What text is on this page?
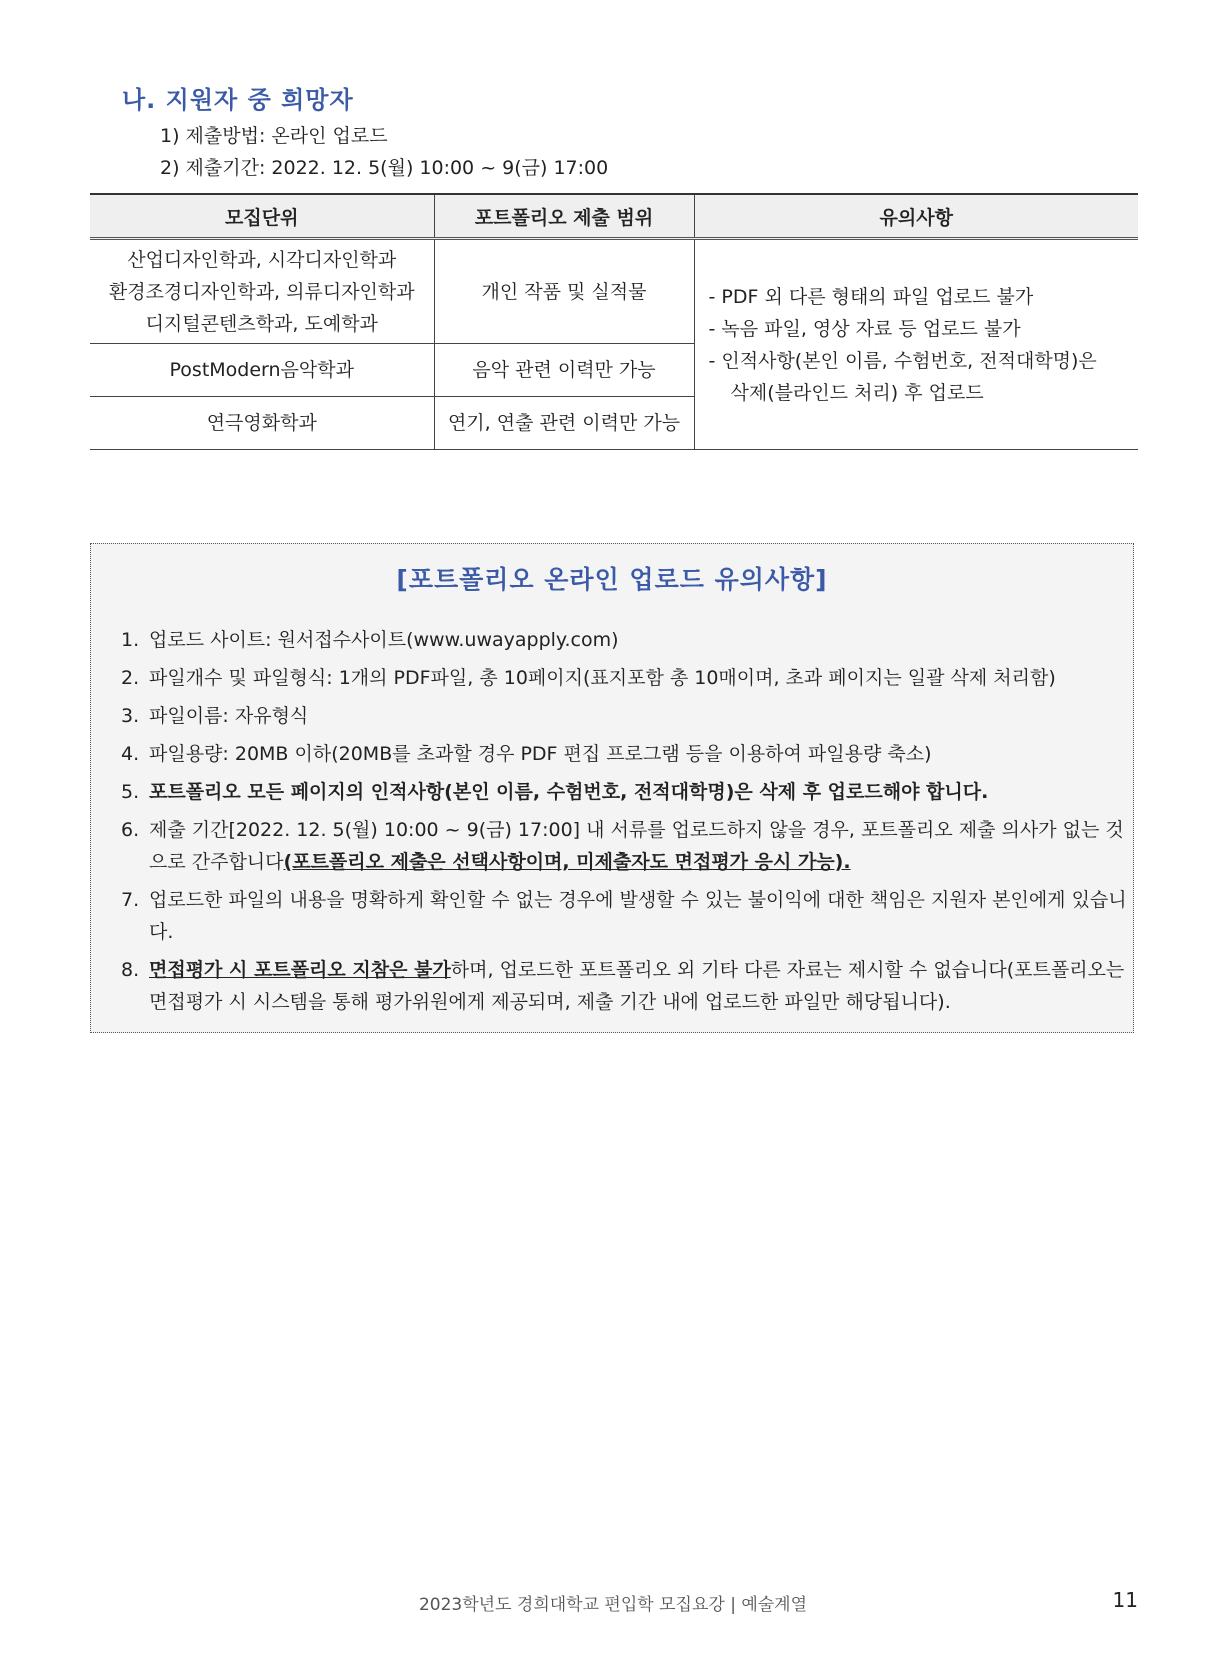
나. 지원자 중 희망자
1) 제출방법: 온라인 업로드
2) 제출기간: 2022. 12. 5(월) 10:00 ~ 9(금) 17:00
모집단위	포트폴리오 제출 범위	유의사항

산업디자인학과, 시각디자인학과
환경조경디자인학과, 의류디자인학과
디지털콘텐츠학과, 도예학과	개인 작품 및 실적물	- PDF 외 다른 형태의 파일 업로드 불가
- 녹음 파일, 영상 자료 등 업로드 불가
- 인적사항(본인 이름, 수험번호, 전적대학명)은
삭제(블라인드 처리) 후 업로드

PostModern음악학과	음악 관련 이력만 가능	
연극영화학과	연기, 연출 관련 이력만 가능	
[포트폴리오 온라인 업로드 유의사항]
1. 업로드 사이트: 원서접수사이트(www.uwayapply.com)
2. 파일개수 및 파일형식: 1개의 PDF파일, 총 10페이지(표지포함 총 10매이며, 초과 페이지는 일괄 삭제 처리함)
3. 파일이름: 자유형식
4. 파일용량: 20MB 이하(20MB를 초과할 경우 PDF 편집 프로그램 등을 이용하여 파일용량 축소)
5. 포트폴리오 모든 페이지의 인적사항(본인 이름, 수험번호, 전적대학명)은 삭제 후 업로드해야 합니다.
6. 제출 기간[2022. 12. 5(월) 10:00 ~ 9(금) 17:00] 내 서류를 업로드하지 않을 경우, 포트폴리오 제출 의사가 없는 것으로 간주합니다(포트폴리오 제출은 선택사항이며, 미제출자도 면접평가 응시 가능).
7. 업로드한 파일의 내용을 명확하게 확인할 수 없는 경우에 발생할 수 있는 불이익에 대한 책임은 지원자 본인에게 있습니다.
8. 면접평가 시 포트폴리오 지참은 불가하며, 업로드한 포트폴리오 외 기타 다른 자료는 제시할 수 없습니다(포트폴리오는 면접평가 시 시스템을 통해 평가위원에게 제공되며, 제출 기간 내에 업로드한 파일만 해당됩니다).
2023학년도 경희대학교 편입학 모집요강 | 예술계열	11
